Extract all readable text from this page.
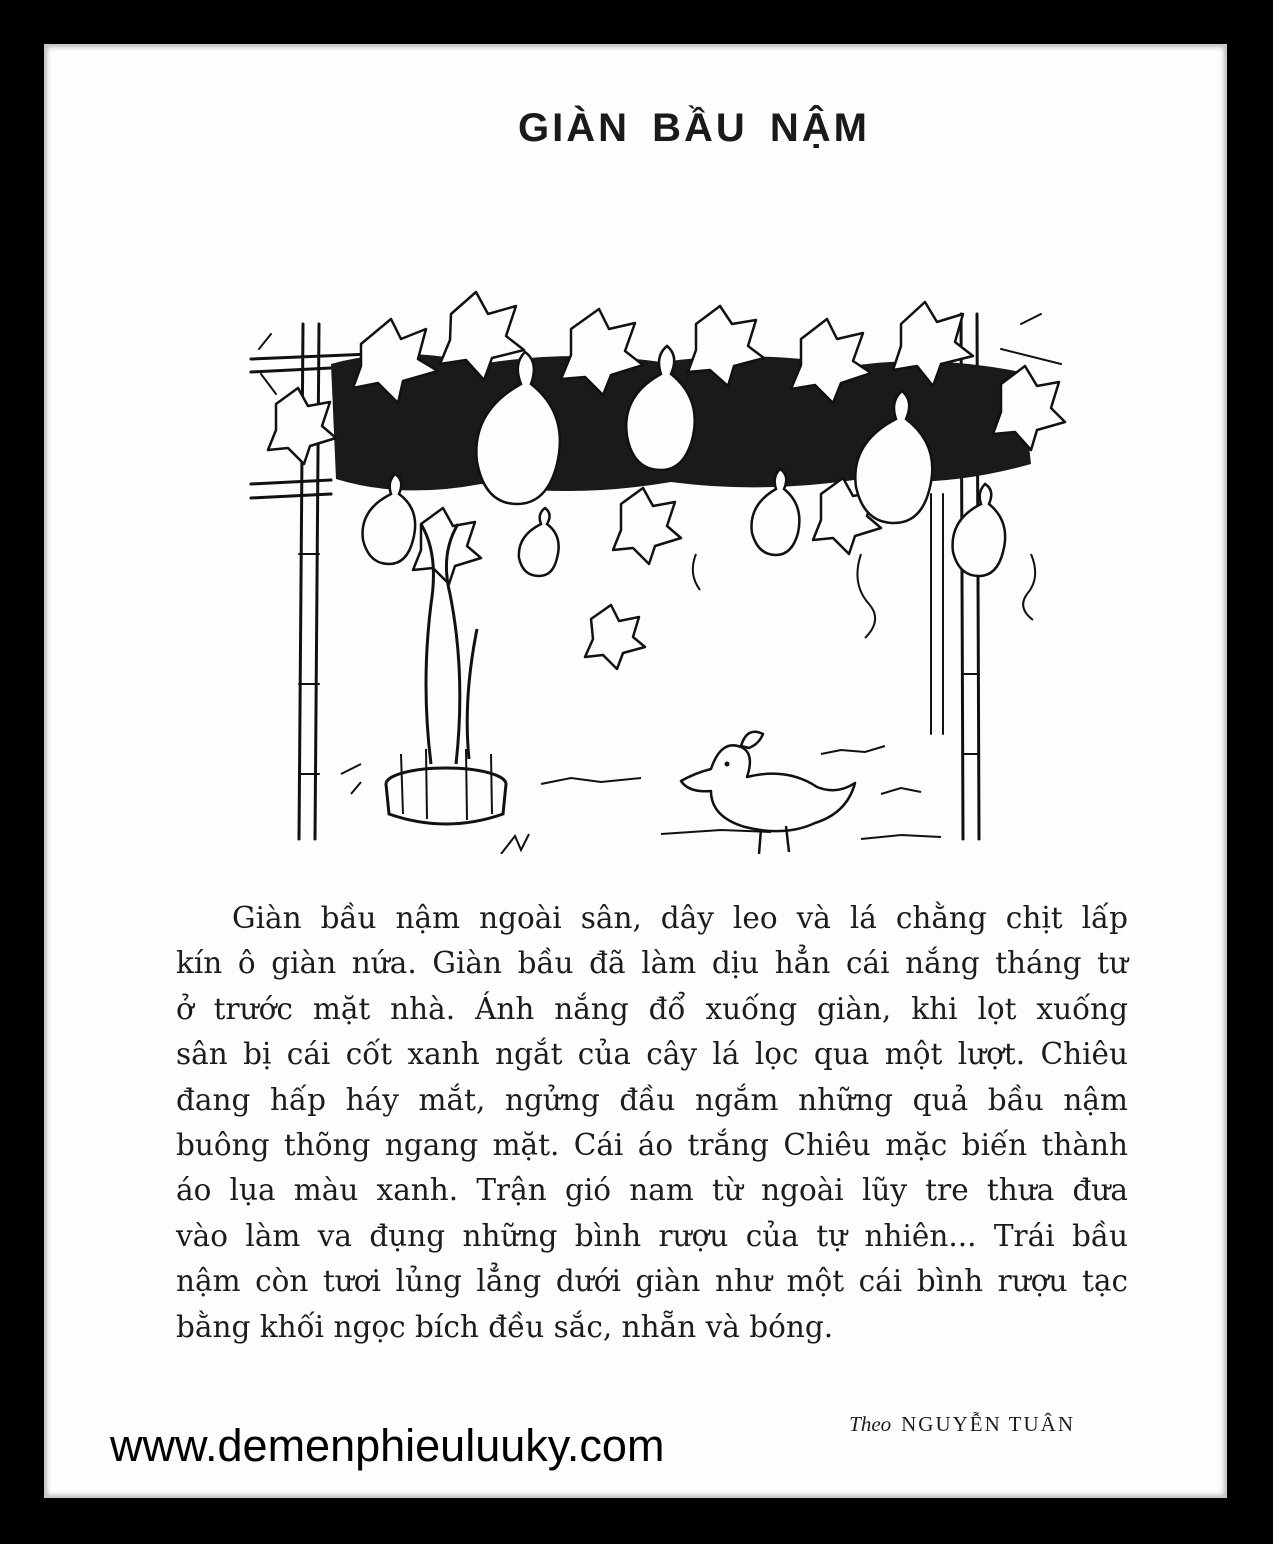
GIÀN BẦU NẬM
Giàn bầu nậm ngoài sân, dây leo và lá chằng chịt lấp
kín ô giàn nứa. Giàn bầu đã làm dịu hẳn cái nắng tháng tư
ở trước mặt nhà. Ánh nắng đổ xuống giàn, khi lọt xuống
sân bị cái cốt xanh ngắt của cây lá lọc qua một lượt. Chiêu
đang hấp háy mắt, ngửng đầu ngắm những quả bầu nậm
buông thõng ngang mặt. Cái áo trắng Chiêu mặc biến thành
áo lụa màu xanh. Trận gió nam từ ngoài lũy tre thưa đưa
vào làm va đụng những bình rượu của tự nhiên... Trái bầu
nậm còn tươi lủng lẳng dưới giàn như một cái bình rượu tạc
bằng khối ngọc bích đều sắc, nhẵn và bóng.
Theo NGUYỄN TUÂN
www.demenphieuluuky.com
